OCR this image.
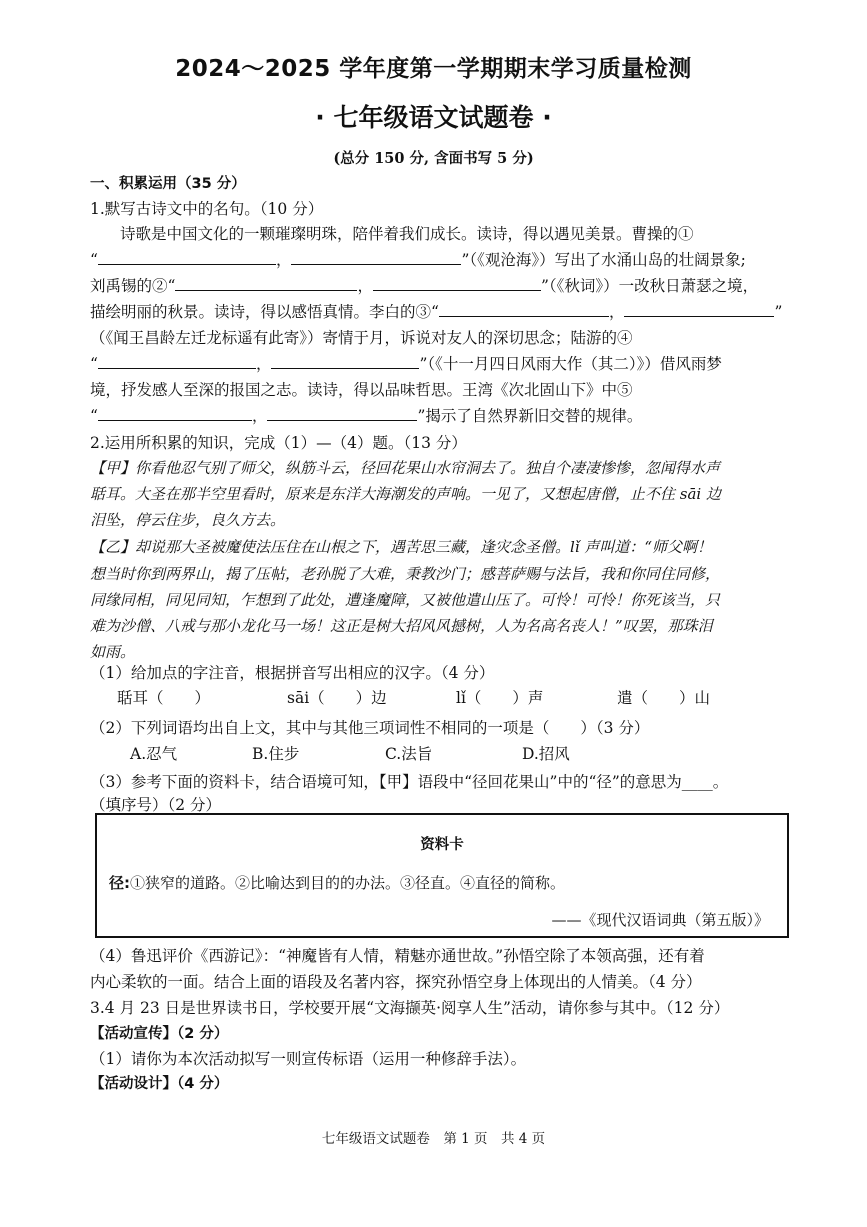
2024～2025 学年度第一学期期末学习质量检测
· 七年级语文试题卷 ·
(总分 150 分, 含面书写 5 分)
一、积累运用（35 分）
1.默写古诗文中的名句。（10 分）
诗歌是中国文化的一颗璀璨明珠，陪伴着我们成长。读诗，得以遇见美景。曹操的①
“	，	”（《观沧海》）写出了水涌山岛的壮阔景象;
刘禹锡的②“	，	”（《秋词》）一改秋日萧瑟之境，
描绘明丽的秋景。读诗，得以感悟真情。李白的③“	，	”
（《闻王昌龄左迁龙标遥有此寄》）寄情于月，诉说对友人的深切思念；陆游的④
“	，	”（《十一月四日风雨大作（其二）》）借风雨梦
境，抒发感人至深的报国之志。读诗，得以品味哲思。王湾《次北固山下》中⑤
“	，	”揭示了自然界新旧交替的规律。
2.运用所积累的知识，完成（1）—（4）题。（13 分）
【甲】你看他忍气别了师父，纵筋斗云，径回花果山水帘洞去了。独自个凄凄惨惨，忽闻得水声
聒耳。大圣在那半空里看时，原来是东洋大海潮发的声响。一见了，又想起唐僧，止不住 sāi 边
泪坠，停云住步，良久方去。
【乙】却说那大圣被魔使法压住在山根之下，遇苦思三藏，逢灾念圣僧。lǐ 声叫道：“师父啊！
想当时你到两界山，揭了压帖，老孙脱了大难，秉教沙门；感菩萨赐与法旨，我和你同住同修，
同缘同相，同见同知，乍想到了此处，遭逢魔障，又被他遣山压了。可怜！可怜！你死该当，只
难为沙僧、八戒与那小龙化马一场！这正是树大招风风撼树，人为名高名丧人！”叹罢，那珠泪
如雨。
（1）给加点的字注音，根据拼音写出相应的汉字。（4 分）
聒耳（　　）	sāi（　　）边	lǐ（　　）声	遣（　　）山
（2）下列词语均出自上文，其中与其他三项词性不相同的一项是（　　）（3 分）
A.忍气	B.住步	C.法旨	D.招风
（3）参考下面的资料卡，结合语境可知，【甲】语段中“径回花果山”中的“径”的意思为____。
（填序号）（2 分）
资料卡
径:①狭窄的道路。②比喻达到目的的办法。③径直。④直径的简称。
——《现代汉语词典（第五版）》
（4）鲁迅评价《西游记》：“神魔皆有人情，精魅亦通世故。”孙悟空除了本领高强，还有着
内心柔软的一面。结合上面的语段及名著内容，探究孙悟空身上体现出的人情美。（4 分）
3.4 月 23 日是世界读书日，学校要开展“文海撷英·阅享人生”活动，请你参与其中。（12 分）
【活动宣传】（2 分）
（1）请你为本次活动拟写一则宣传标语（运用一种修辞手法）。
【活动设计】（4 分）
七年级语文试题卷　第 1 页　共 4 页
